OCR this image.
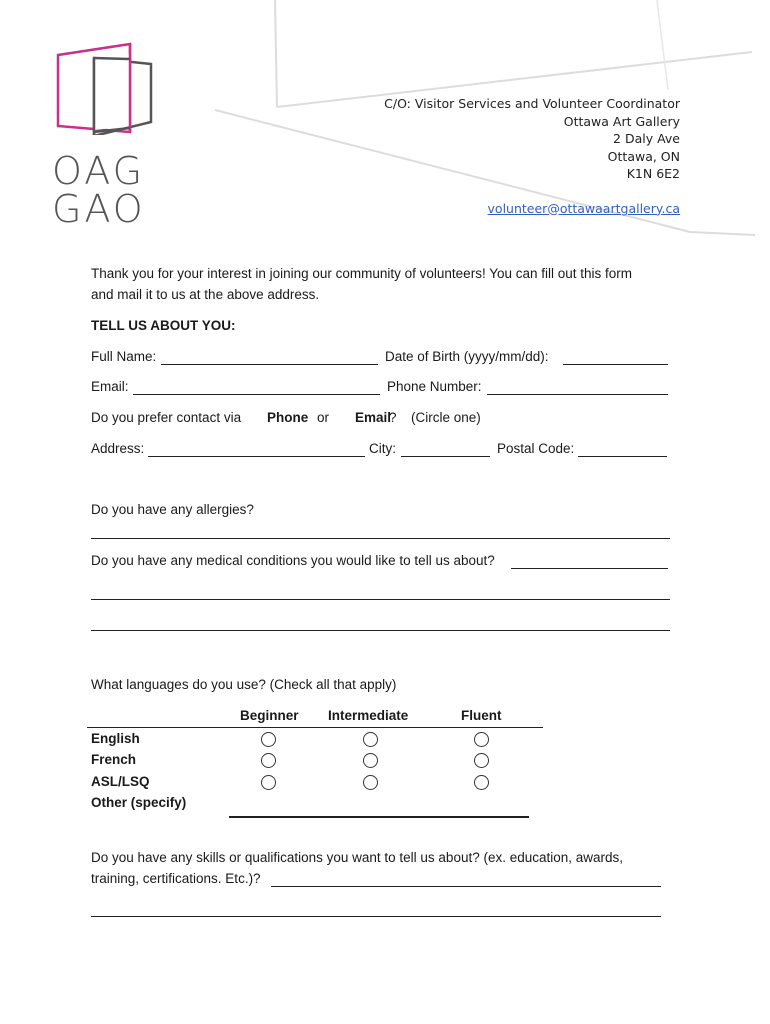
OAG
GAO
C/O: Visitor Services and Volunteer Coordinator
Ottawa Art Gallery
2 Daly Ave
Ottawa, ON
K1N 6E2
volunteer@ottawaartgallery.ca
Thank you for your interest in joining our community of volunteers! You can fill out this form
and mail it to us at the above address.
TELL US ABOUT YOU:
Full Name:	Date of Birth (yyyy/mm/dd):
Email:	Phone Number:
Do you prefer contact via Phone or Email
? (Circle one)
Address:	City:	Postal Code:
Do you have any allergies?
Do you have any medical conditions you would like to tell us about?
What languages do you use? (Check all that apply)
Beginner Intermediate	Fluent
English
French
ASL/LSQ
Other (specify)
Do you have any skills or qualifications you want to tell us about? (ex. education, awards,
training, certifications. Etc.)?
